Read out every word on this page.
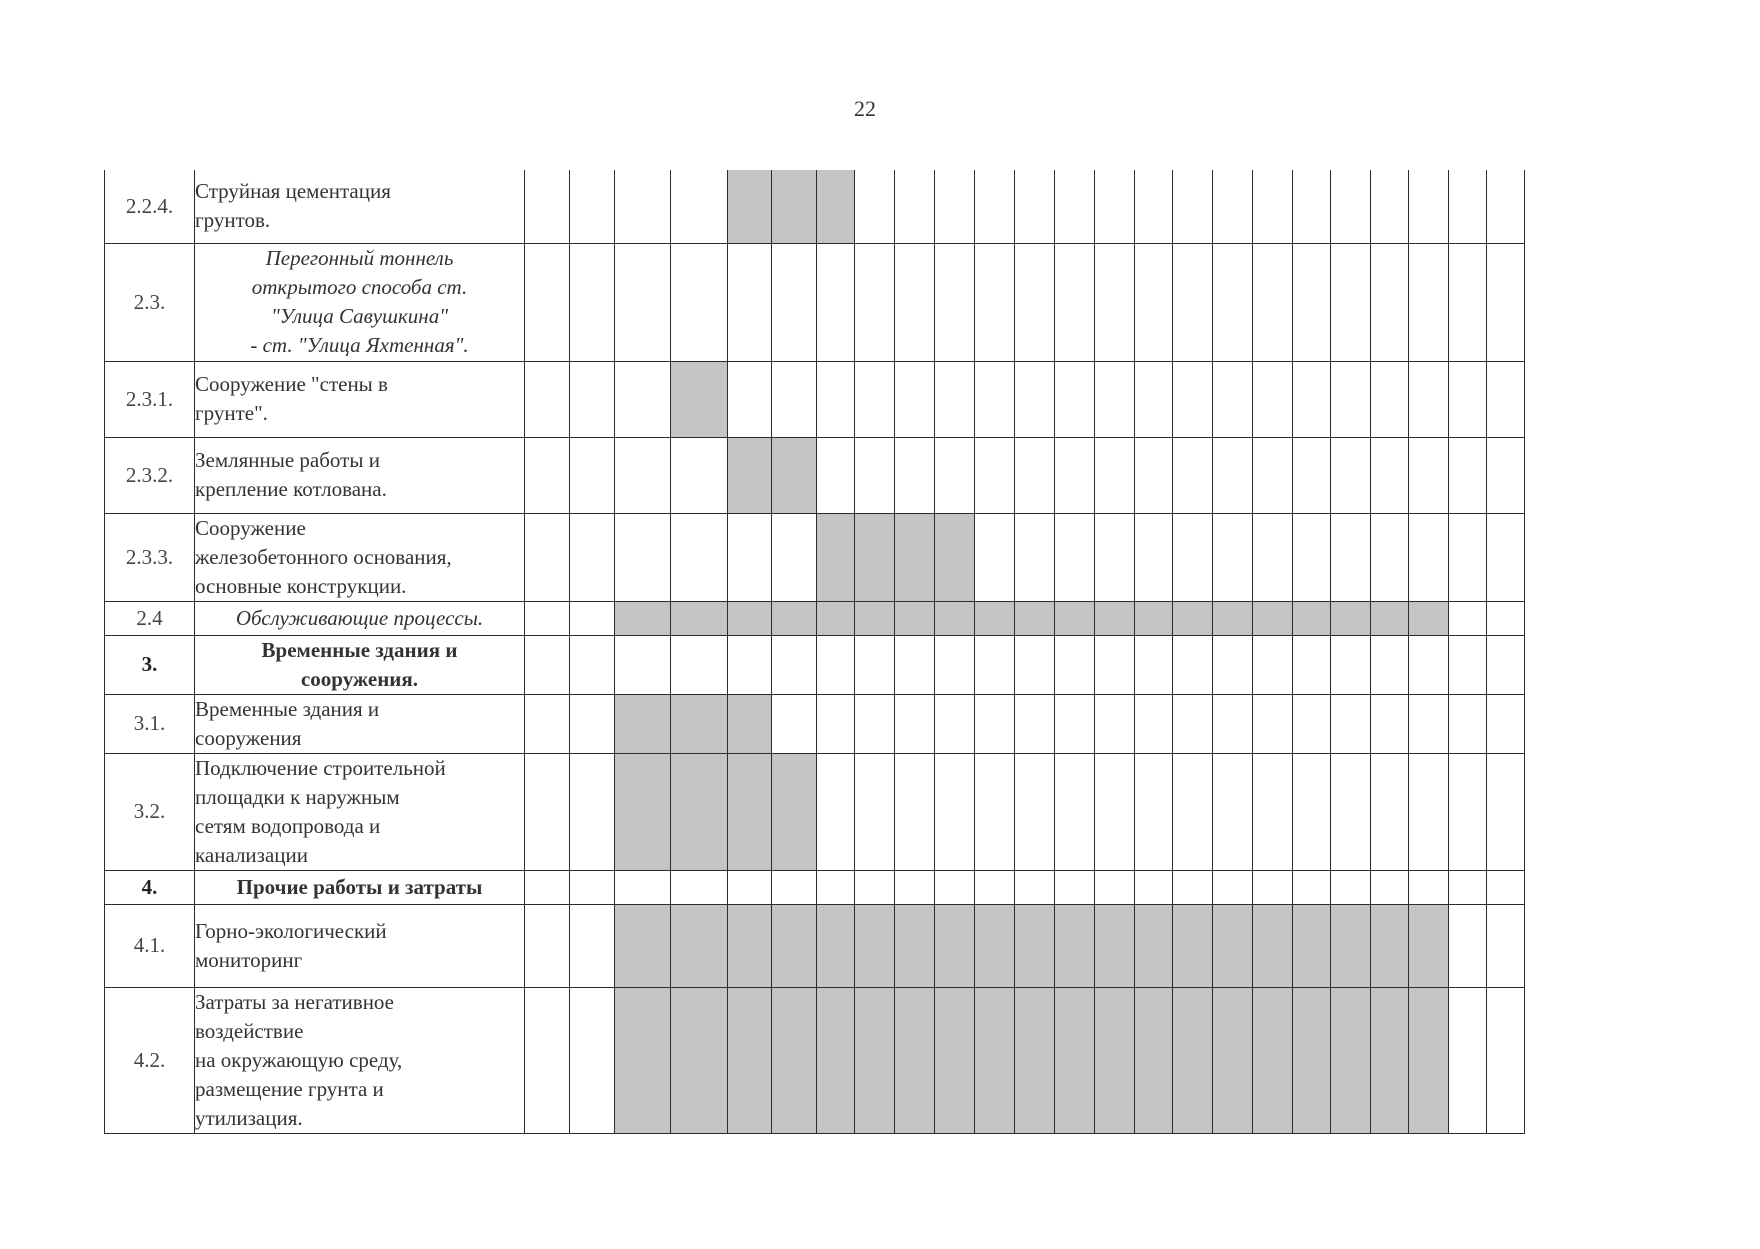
22
2.2.4.	Струйная цементация
грунтов.																								

2.3.	Перегонный тоннель
открытого способа ст.
"Улица Савушкина"
- ст. "Улица Яхтенная".																								

2.3.1.	Сооружение "стены в
грунте".																								

2.3.2.	Землянные работы и
крепление котлована.																								

2.3.3.	Сооружение
железобетонного основания,
основные конструкции.																								

2.4	Обслуживающие процессы.																								

3.	Временные здания и
сооружения.																								

3.1.	Временные здания и
сооружения																								

3.2.	Подключение строительной
площадки к наружным
сетям водопровода и
канализации																								

4.	Прочие работы и затраты																								

4.1.	Горно-экологический
мониторинг																								

4.2.	Затраты за негативное
воздействие
на окружающую среду,
размещение грунта и
утилизация.																								
